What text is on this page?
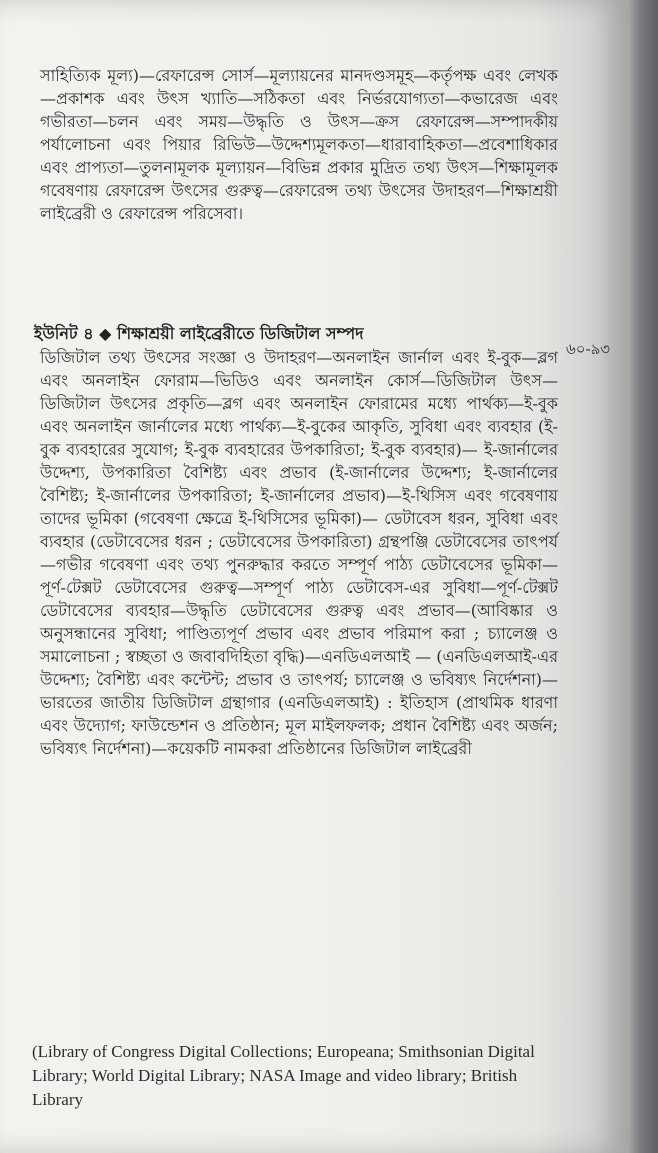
সাহিত্যিক মূল্য)—রেফারেন্স সোর্স—মূল্যায়নের মানদণ্ডসমূহ—কর্তৃপক্ষ এবং লেখক—প্রকাশক এবং উৎস খ্যাতি—সঠিকতা এবং নির্ভরযোগ্যতা—কভারেজ এবং গভীরতা—চলন এবং সময়—উদ্ধৃতি ও উৎস—ক্রস রেফারেন্স—সম্পাদকীয় পর্যালোচনা এবং পিয়ার রিভিউ—উদ্দেশ্যমূলকতা—ধারাবাহিকতা—প্রবেশাধিকার এবং প্রাপ্যতা—তুলনামূলক মূল্যায়ন—বিভিন্ন প্রকার মুদ্রিত তথ্য উৎস—শিক্ষামূলক গবেষণায় রেফারেন্স উৎসের গুরুত্ব—রেফারেন্স তথ্য উৎসের উদাহরণ—শিক্ষাশ্রয়ী লাইব্রেরী ও রেফারেন্স পরিসেবা।
ইউনিট ৪ ◆ শিক্ষাশ্রয়ী লাইব্রেরীতে ডিজিটাল সম্পদ
৬০-৯৩
ডিজিটাল তথ্য উৎসের সংজ্ঞা ও উদাহরণ—অনলাইন জার্নাল এবং ই-বুক—ব্লগ এবং অনলাইন ফোরাম—ভিডিও এবং অনলাইন কোর্স—ডিজিটাল উৎস— ডিজিটাল উৎসের প্রকৃতি—ব্লগ এবং অনলাইন ফোরামের মধ্যে পার্থক্য—ই-বুক এবং অনলাইন জার্নালের মধ্যে পার্থক্য—ই-বুকের আকৃতি, সুবিধা এবং ব্যবহার (ই-বুক ব্যবহারের সুযোগ; ই-বুক ব্যবহারের উপকারিতা; ই-বুক ব্যবহার)— ই-জার্নালের উদ্দেশ্য, উপকারিতা বৈশিষ্ট্য এবং প্রভাব (ই-জার্নালের উদ্দেশ্য; ই-জার্নালের বৈশিষ্ট্য; ই-জার্নালের উপকারিতা; ই-জার্নালের প্রভাব)—ই-থিসিস এবং গবেষণায় তাদের ভূমিকা (গবেষণা ক্ষেত্রে ই-থিসিসের ভূমিকা)— ডেটাবেস ধরন, সুবিধা এবং ব্যবহার (ডেটাবেসের ধরন ; ডেটাবেসের উপকারিতা) গ্রন্থপঞ্জি ডেটাবেসের তাৎপর্য—গভীর গবেষণা এবং তথ্য পুনরুদ্ধার করতে সম্পূর্ণ পাঠ্য ডেটাবেসের ভূমিকা—পূর্ণ-টেক্সট ডেটাবেসের গুরুত্ব—সম্পূর্ণ পাঠ্য ডেটাবেস-এর সুবিধা—পূর্ণ-টেক্সট ডেটাবেসের ব্যবহার—উদ্ধৃতি ডেটাবেসের গুরুত্ব এবং প্রভাব—(আবিষ্কার ও অনুসন্ধানের সুবিধা; পাণ্ডিত্যপূর্ণ প্রভাব এবং প্রভাব পরিমাপ করা ; চ্যালেঞ্জ ও সমালোচনা ; স্বচ্ছতা ও জবাবদিহিতা বৃদ্ধি)—এনডিএলআই — (এনডিএলআই-এর উদ্দেশ্য; বৈশিষ্ট্য এবং কন্টেন্ট; প্রভাব ও তাৎপর্য; চ্যালেঞ্জ ও ভবিষ্যৎ নির্দেশনা)—ভারতের জাতীয় ডিজিটাল গ্রন্থাগার (এনডিএলআই) : ইতিহাস (প্রাথমিক ধারণা এবং উদ্যোগ; ফাউন্ডেশন ও প্রতিষ্ঠান; মূল মাইলফলক; প্রধান বৈশিষ্ট্য এবং অর্জন; ভবিষ্যৎ নির্দেশনা)—কয়েকটি নামকরা প্রতিষ্ঠানের ডিজিটাল লাইব্রেরী
(Library of Congress Digital Collections; Europeana; Smithsonian Digital Library; World Digital Library; NASA Image and video library; British Library
